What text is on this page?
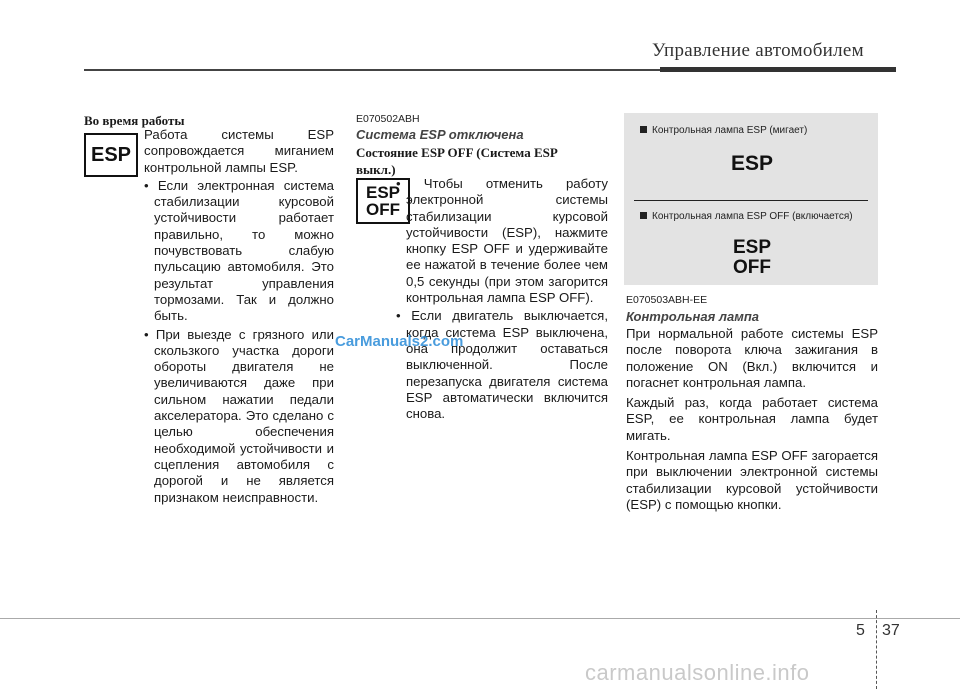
Управление автомобилем
Во время работы
ESP

Работа системы ESP сопровождается миганием контрольной лампы ESP.

• Если электронная система стабилизации курсовой устойчивости работает правильно, то можно почувствовать слабую пульсацию автомобиля. Это результат управления тормозами. Так и должно быть.

• При выезде с грязного или скользкого участка дороги обороты двигателя не увеличиваются даже при сильном нажатии педали акселератора. Это сделано с целью обеспечения необходимой устойчивости и сцепления автомобиля с дорогой и не является признаком неисправности.

E070502ABH
Система ESP отключена
Состояние ESP OFF (Система ESP выкл.)
ESP
OFF

• Чтобы отменить работу электронной системы стабилизации курсовой устойчивости (ESP), нажмите кнопку ESP OFF и удерживайте ее нажатой в течение более чем 0,5 секунды (при этом загорится контрольная лампа ESP OFF).

• Если двигатель выключается, когда система ESP выключена, она продолжит оставаться выключенной. После перезапуска двигателя система ESP автоматически включится снова.

Контрольная лампа ESP (мигает)
ESP
Контрольная лампа ESP OFF (включается)
ESP
OFF
E070503ABH-EE
Контрольная лампа

При нормальной работе системы ESP после поворота ключа зажигания в положение ON (Вкл.) включится и погаснет контрольная лампа.

Каждый раз, когда работает система ESP, ее контрольная лампа будет мигать.

Контрольная лампа ESP OFF загорается при выключении электронной системы стабилизации курсовой устойчивости (ESP) с помощью кнопки.

CarManuals2.com
carmanualsonline.info
5 37
